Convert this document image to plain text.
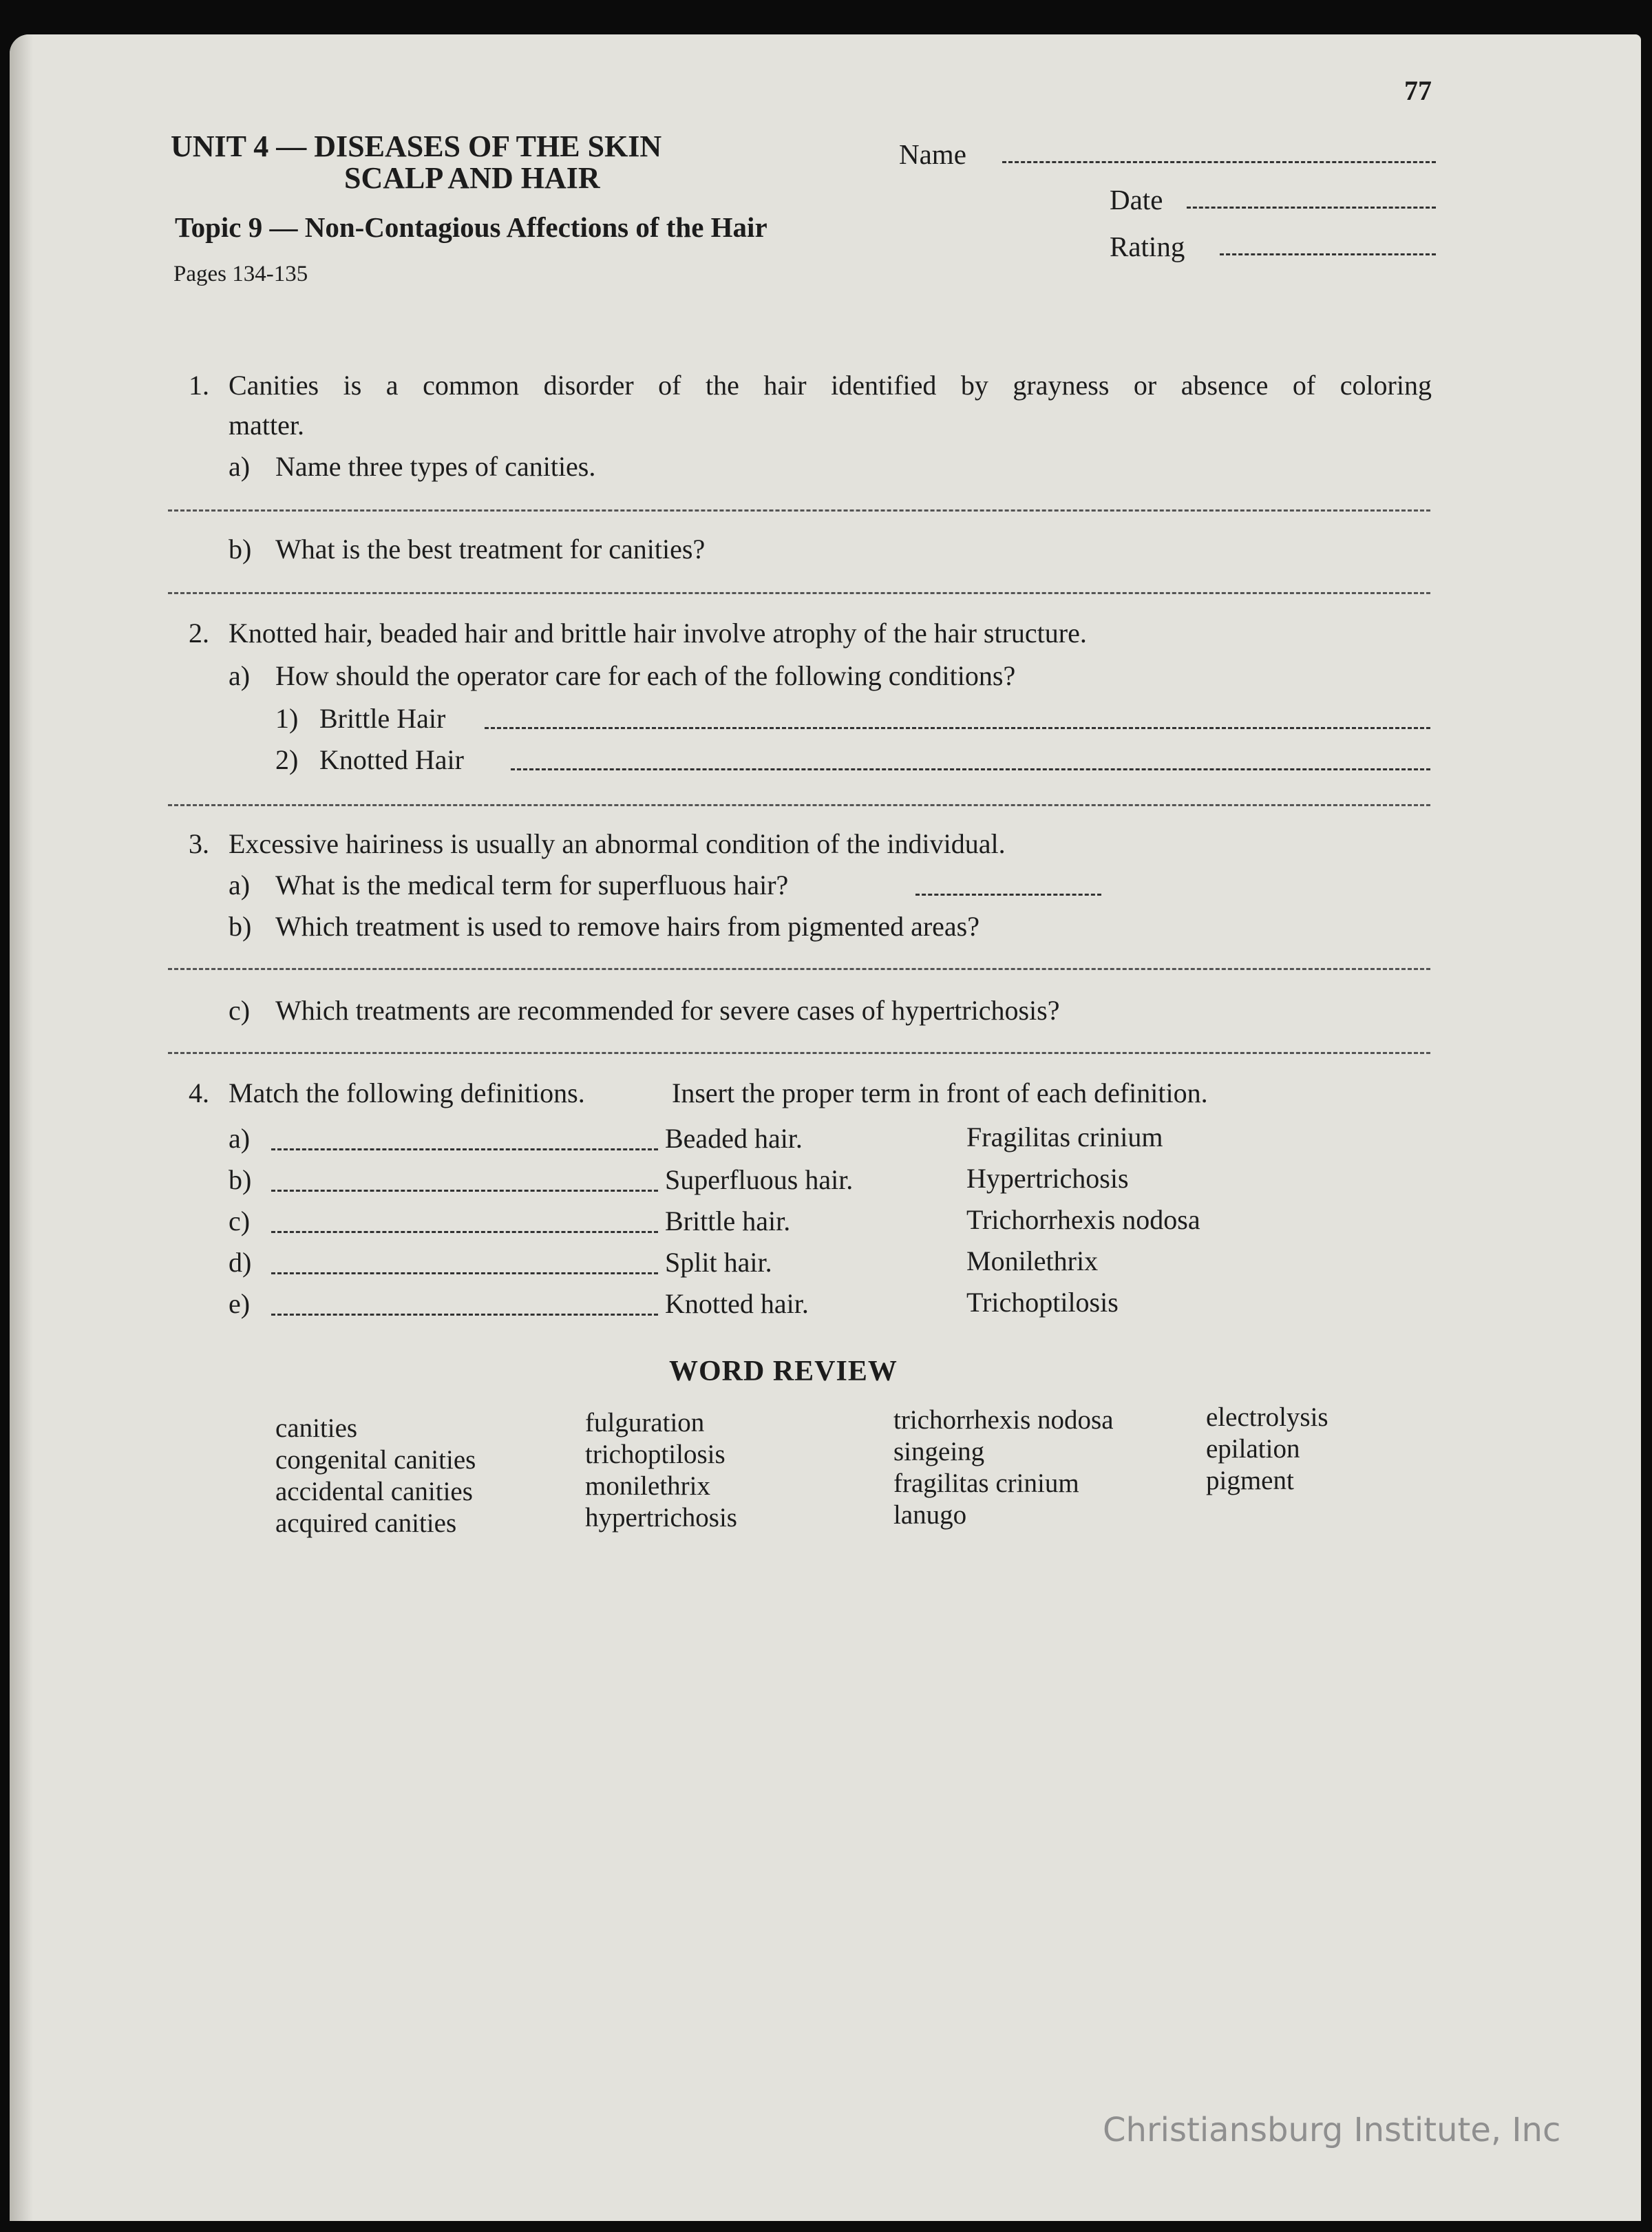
77
UNIT 4 — DISEASES OF THE SKIN
SCALP AND HAIR
Topic 9 — Non-Contagious Affections of the Hair
Pages 134-135
Name
Date
Rating
1. Canities is a common disorder of the hair identified by grayness or absence of coloring
matter.
a) Name three types of canities.
b) What is the best treatment for canities?
2. Knotted hair, beaded hair and brittle hair involve atrophy of the hair structure.
a) How should the operator care for each of the following conditions?
1) Brittle Hair
2) Knotted Hair
3. Excessive hairiness is usually an abnormal condition of the individual.
a) What is the medical term for superfluous hair?
b) Which treatment is used to remove hairs from pigmented areas?
c) Which treatments are recommended for severe cases of hypertrichosis?
4. Match the following definitions.	Insert the proper term in front of each definition.
a)	Beaded hair.	Fragilitas crinium
b)	Superfluous hair.	Hypertrichosis
c)	Brittle hair.	Trichorrhexis nodosa
d)	Split hair.	Monilethrix
e)	Knotted hair.	Trichoptilosis
WORD REVIEW
canities
congenital canities
accidental canities
acquired canities
fulguration
trichoptilosis
monilethrix
hypertrichosis
trichorrhexis nodosa
singeing
fragilitas crinium
lanugo
electrolysis
epilation
pigment
Christiansburg Institute, Inc
